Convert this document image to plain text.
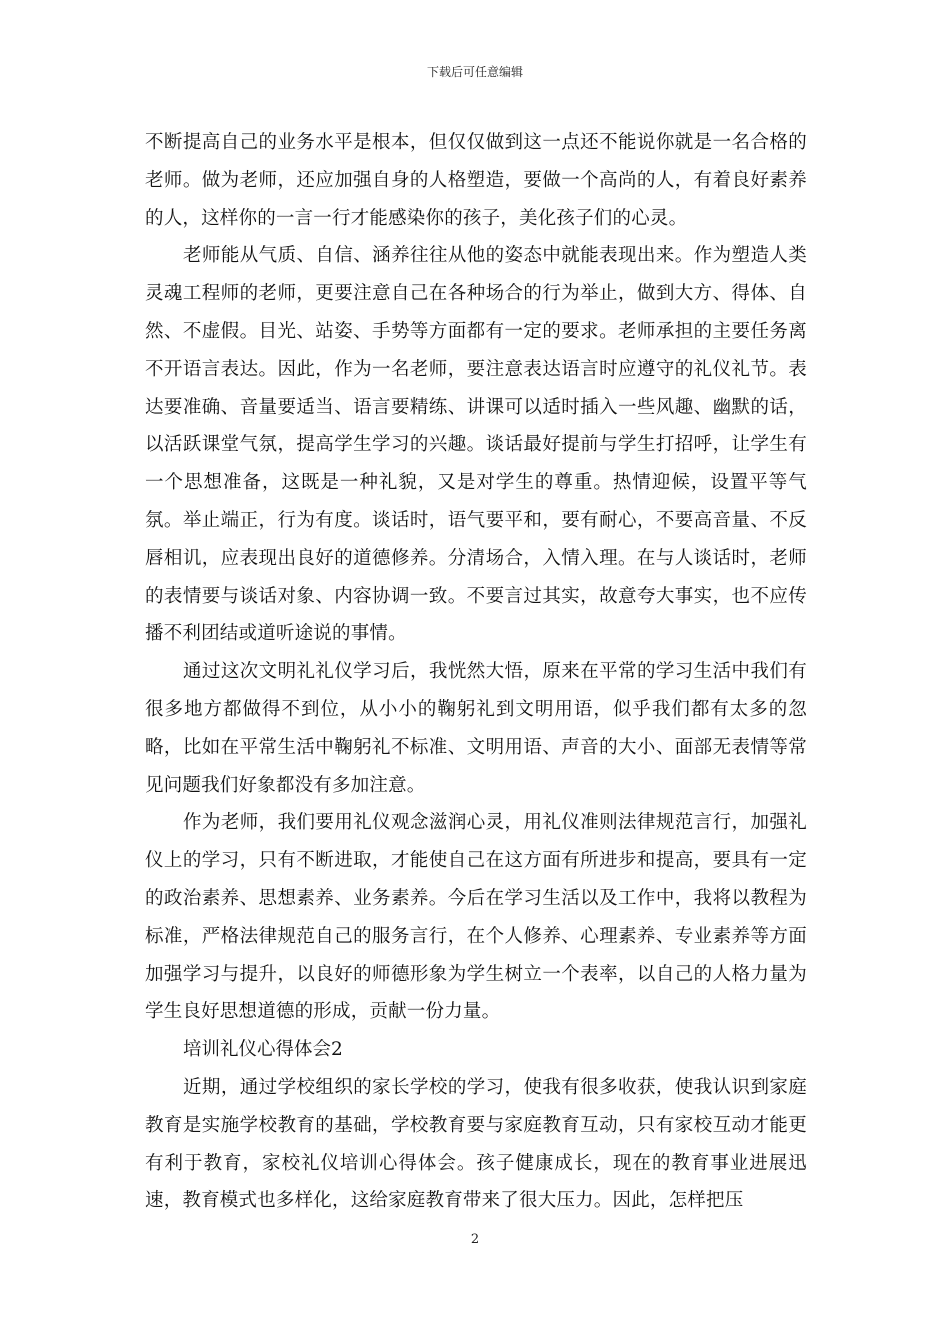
下载后可任意编辑

不断提高自己的业务水平是根本，但仅仅做到这一点还不能说你就是一名合格的老师。做为老师，还应加强自身的人格塑造，要做一个高尚的人，有着良好素养的人，这样你的一言一行才能感染你的孩子，美化孩子们的心灵。

老师能从气质、自信、涵养往往从他的姿态中就能表现出来。作为塑造人类灵魂工程师的老师，更要注意自己在各种场合的行为举止，做到大方、得体、自然、不虚假。目光、站姿、手势等方面都有一定的要求。老师承担的主要任务离不开语言表达。因此，作为一名老师，要注意表达语言时应遵守的礼仪礼节。表达要准确、音量要适当、语言要精练、讲课可以适时插入一些风趣、幽默的话，以活跃课堂气氛，提高学生学习的兴趣。谈话最好提前与学生打招呼，让学生有一个思想准备，这既是一种礼貌，又是对学生的尊重。热情迎候，设置平等气氛。举止端正，行为有度。谈话时，语气要平和，要有耐心，不要高音量、不反唇相讥，应表现出良好的道德修养。分清场合，入情入理。在与人谈话时，老师的表情要与谈话对象、内容协调一致。不要言过其实，故意夸大事实，也不应传播不利团结或道听途说的事情。

通过这次文明礼礼仪学习后，我恍然大悟，原来在平常的学习生活中我们有很多地方都做得不到位，从小小的鞠躬礼到文明用语，似乎我们都有太多的忽略，比如在平常生活中鞠躬礼不标准、文明用语、声音的大小、面部无表情等常见问题我们好象都没有多加注意。

作为老师，我们要用礼仪观念滋润心灵，用礼仪准则法律规范言行，加强礼仪上的学习，只有不断进取，才能使自己在这方面有所进步和提高，要具有一定的政治素养、思想素养、业务素养。今后在学习生活以及工作中，我将以教程为标准，严格法律规范自己的服务言行，在个人修养、心理素养、专业素养等方面加强学习与提升，以良好的师德形象为学生树立一个表率，以自己的人格力量为学生良好思想道德的形成，贡献一份力量。

培训礼仪心得体会2

近期，通过学校组织的家长学校的学习，使我有很多收获，使我认识到家庭教育是实施学校教育的基础，学校教育要与家庭教育互动，只有家校互动才能更有利于教育，家校礼仪培训心得体会。孩子健康成长，现在的教育事业进展迅速，教育模式也多样化，这给家庭教育带来了很大压力。因此，怎样把压

2
